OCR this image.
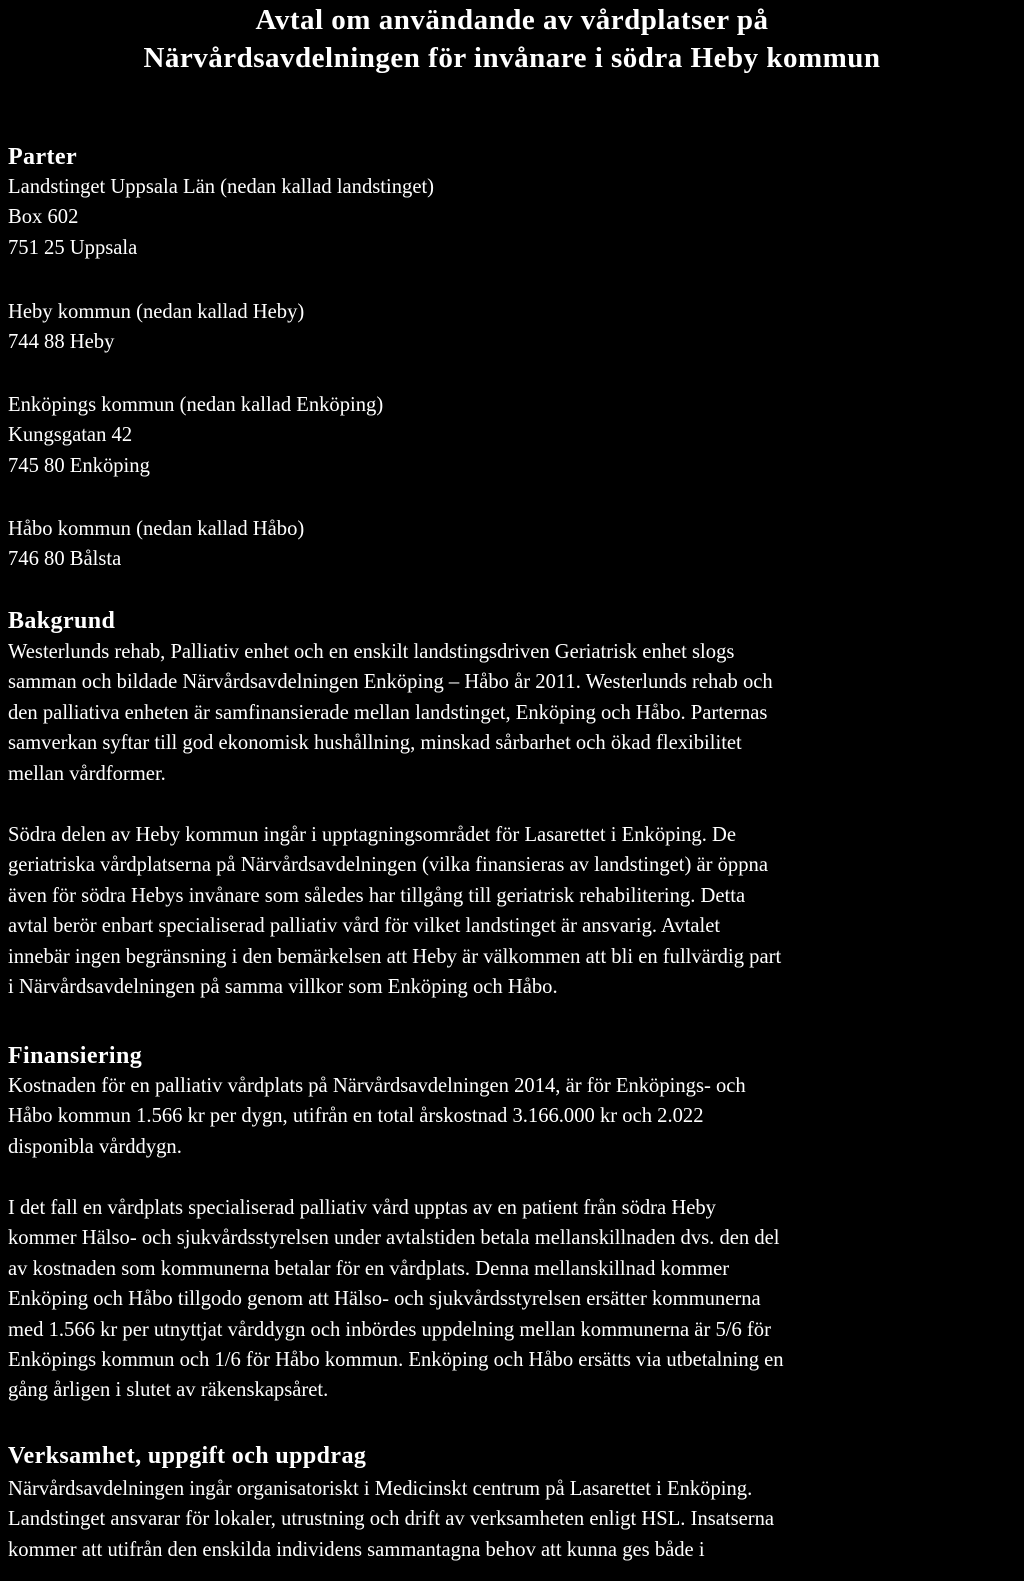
Avtal om användande av vårdplatser på
Närvårdsavdelningen för invånare i södra Heby kommun
Parter
Landstinget Uppsala Län (nedan kallad landstinget)
Box 602
751 25 Uppsala
Heby kommun (nedan kallad Heby)
744 88 Heby
Enköpings kommun (nedan kallad Enköping)
Kungsgatan 42
745 80 Enköping
Håbo kommun (nedan kallad Håbo)
746 80 Bålsta
Bakgrund
Westerlunds rehab, Palliativ enhet och en enskilt landstingsdriven Geriatrisk enhet slogs
samman och bildade Närvårdsavdelningen Enköping – Håbo år 2011. Westerlunds rehab och
den palliativa enheten är samfinansierade mellan landstinget, Enköping och Håbo. Parternas
samverkan syftar till god ekonomisk hushållning, minskad sårbarhet och ökad flexibilitet
mellan vårdformer.
Södra delen av Heby kommun ingår i upptagningsområdet för Lasarettet i Enköping. De
geriatriska vårdplatserna på Närvårdsavdelningen (vilka finansieras av landstinget) är öppna
även för södra Hebys invånare som således har tillgång till geriatrisk rehabilitering. Detta
avtal berör enbart specialiserad palliativ vård för vilket landstinget är ansvarig. Avtalet
innebär ingen begränsning i den bemärkelsen att Heby är välkommen att bli en fullvärdig part
i Närvårdsavdelningen på samma villkor som Enköping och Håbo.
Finansiering
Kostnaden för en palliativ vårdplats på Närvårdsavdelningen 2014, är för Enköpings- och
Håbo kommun 1.566 kr per dygn, utifrån en total årskostnad 3.166.000 kr och 2.022
disponibla vårddygn.
I det fall en vårdplats specialiserad palliativ vård upptas av en patient från södra Heby
kommer Hälso- och sjukvårdsstyrelsen under avtalstiden betala mellanskillnaden dvs. den del
av kostnaden som kommunerna betalar för en vårdplats. Denna mellanskillnad kommer
Enköping och Håbo tillgodo genom att Hälso- och sjukvårdsstyrelsen ersätter kommunerna
med 1.566 kr per utnyttjat vårddygn och inbördes uppdelning mellan kommunerna är 5/6 för
Enköpings kommun och 1/6 för Håbo kommun. Enköping och Håbo ersätts via utbetalning en
gång årligen i slutet av räkenskapsåret.
Verksamhet, uppgift och uppdrag
Närvårdsavdelningen ingår organisatoriskt i Medicinskt centrum på Lasarettet i Enköping.
Landstinget ansvarar för lokaler, utrustning och drift av verksamheten enligt HSL. Insatserna
kommer att utifrån den enskilda individens sammantagna behov att kunna ges både i
